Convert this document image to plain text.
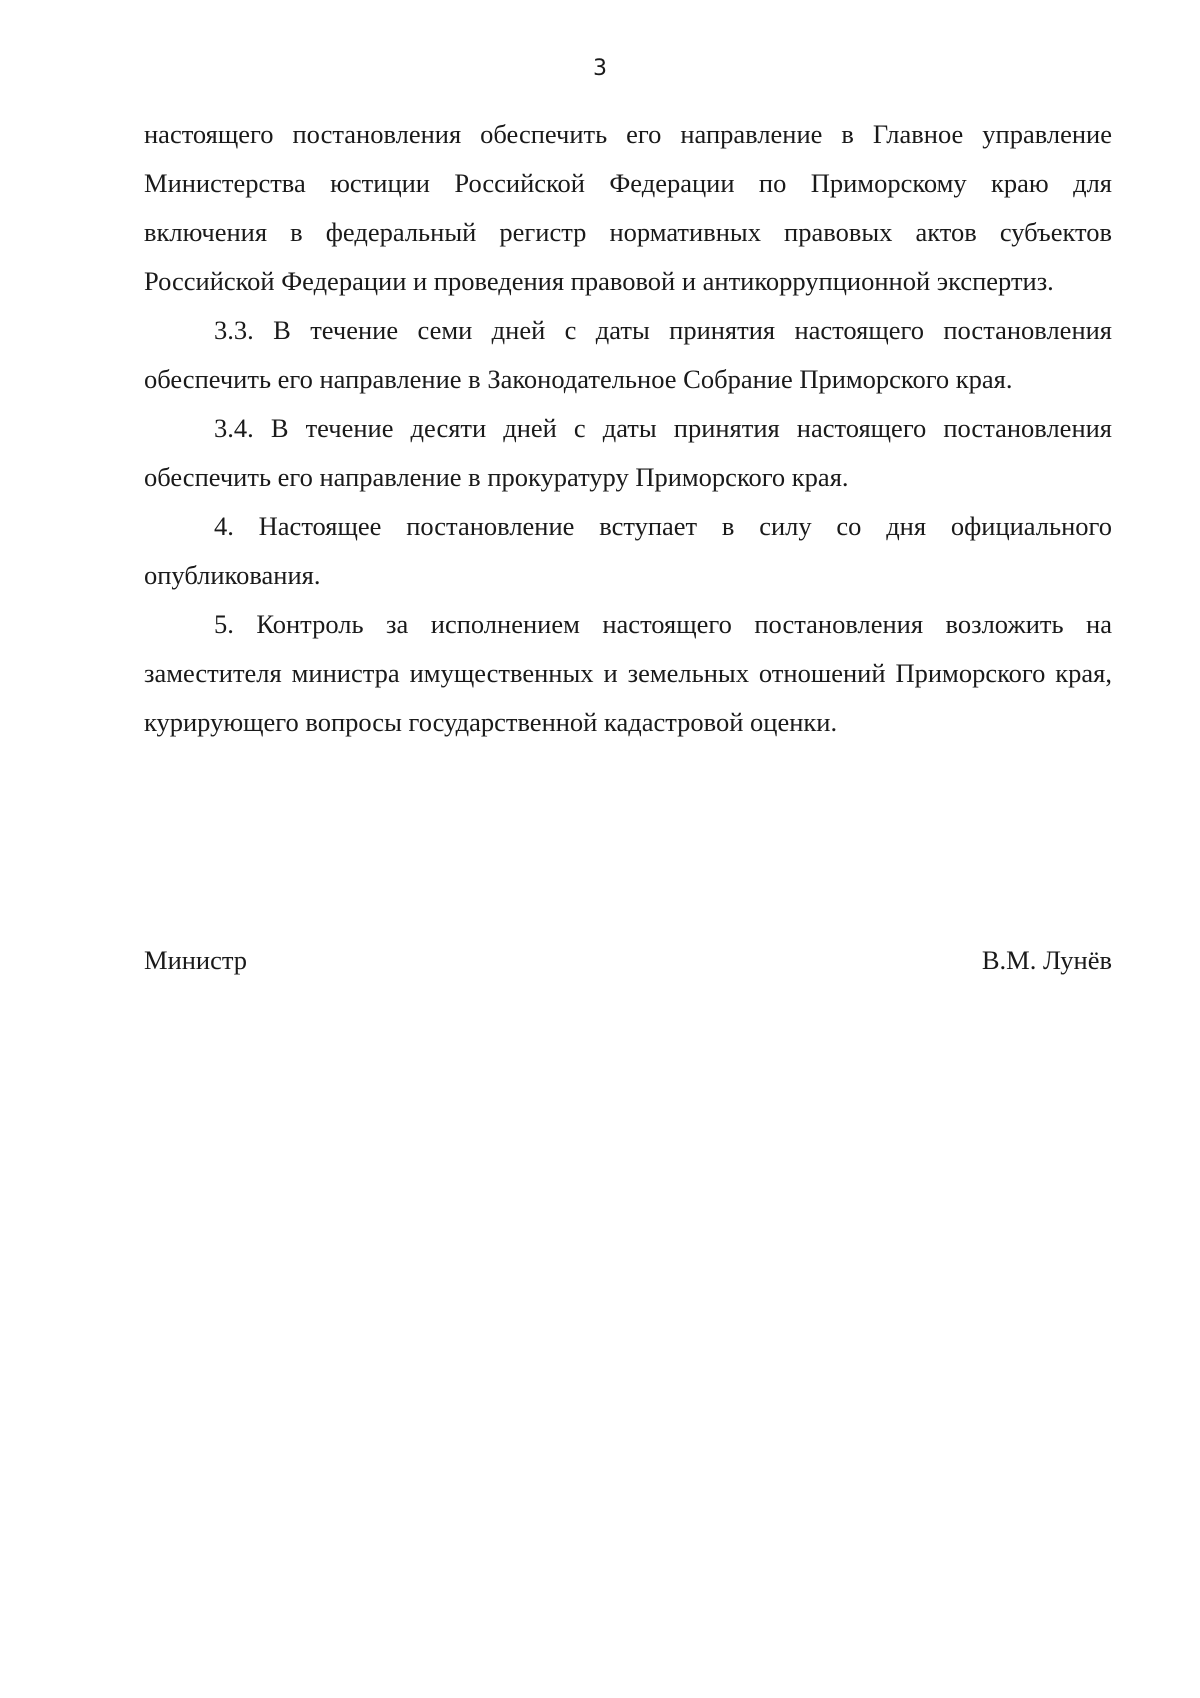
3

настоящего постановления обеспечить его направление в Главное управление Министерства юстиции Российской Федерации по Приморскому краю для включения в федеральный регистр нормативных правовых актов субъектов Российской Федерации и проведения правовой и антикоррупционной экспертиз.

3.3. В течение семи дней с даты принятия настоящего постановления обеспечить его направление в Законодательное Собрание Приморского края.

3.4. В течение десяти дней с даты принятия настоящего постановления обеспечить его направление в прокуратуру Приморского края.

4. Настоящее постановление вступает в силу со дня официального опубликования.

5. Контроль за исполнением настоящего постановления возложить на заместителя министра имущественных и земельных отношений Приморского края, курирующего вопросы государственной кадастровой оценки.

Министр	В.М. Лунёв
